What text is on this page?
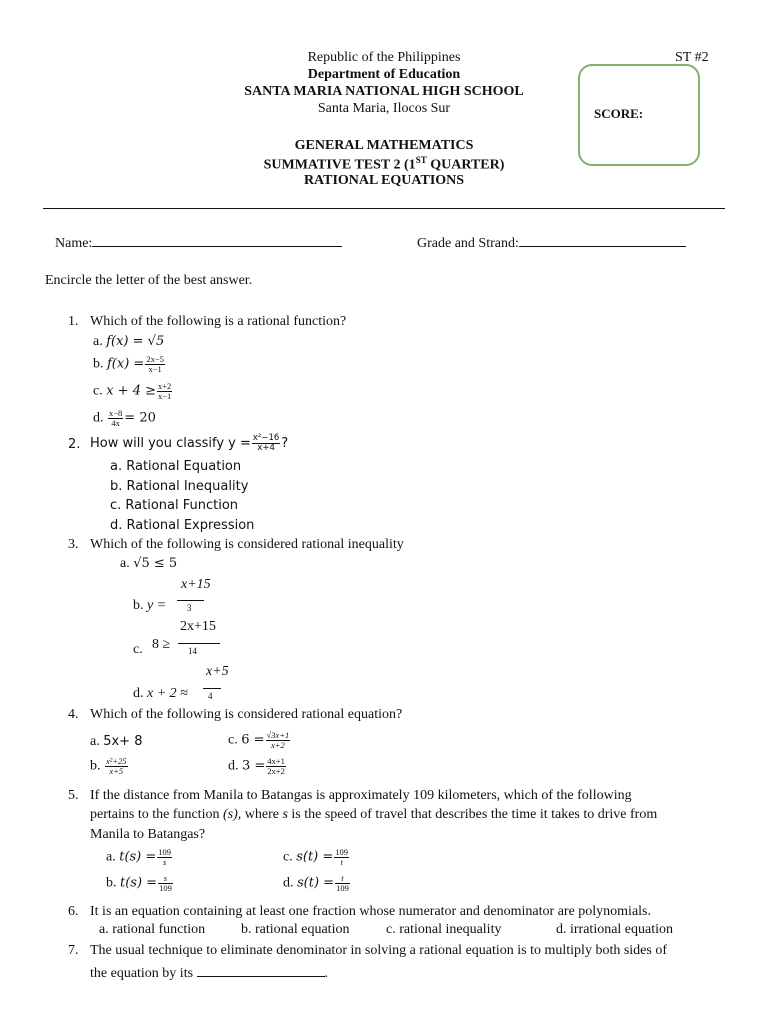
Republic of the Philippines
Department of Education
SANTA MARIA NATIONAL HIGH SCHOOL
Santa Maria, Ilocos Sur
ST #2
SCORE:
GENERAL MATHEMATICS
SUMMATIVE TEST 2 (1ST QUARTER)
RATIONAL EQUATIONS
Name:	Grade and Strand:
Encircle the letter of the best answer.
1. Which of the following is a rational function?
a. f(x) = √5
b. $f(x) = \frac{2x-5}{x-1}$
c. $x + 4 \ge \frac{x+2}{x-1}$
d. $\frac{x-8}{4x} = 20$
2. How will you classify $y = \frac{\text{x²−16}}{x+4}$ ?
a. Rational Equation
b. Rational Inequality
c. Rational Function
d. Rational Expression
3. Which of the following is considered rational inequality
a. √5 ≤ 5
x+15
b. y = 3
2x+15
c. 8 ≥ 14
x+5
d. x + 2 ≈ 4
4. Which of the following is considered rational equation?
a. 5x+ 8
b. $\frac{\text{x²+25}}{x+5}$
c. $6 = \frac{√3x+1}{x+2}$
d. $3 = \frac{4x+1}{2x+2}$
5. If the distance from Manila to Batangas is approximately 109 kilometers, which of the following
pertains to the function (s), where s is the speed of travel that describes the time it takes to drive from
Manila to Batangas?
a. $t(s) = \frac{109}{s}$
b. $t(s) = \frac{s}{109}$
c. $s(t) = \frac{109}{t}$
d. $s(t) = \frac{t}{109}$
6. It is an equation containing at least one fraction whose numerator and denominator are polynomials.
a. rational function	b. rational equation	c. rational inequality	d. irrational equation
7. The usual technique to eliminate denominator in solving a rational equation is to multiply both sides of
the equation by its	.
